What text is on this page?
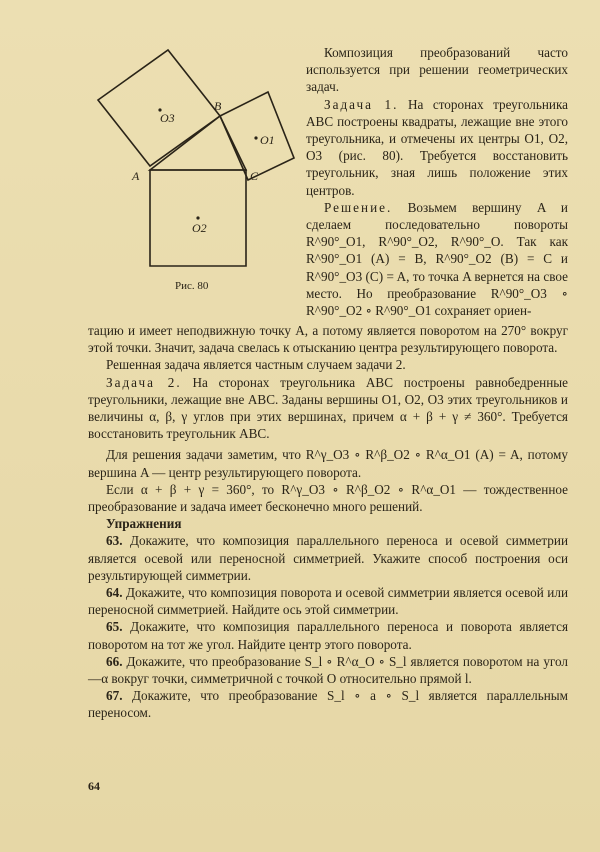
B
A	C
O1
O2
O3
Рис. 80

Композиция преобразований часто используется при решении геометрических задач.

Задача 1. На сторонах треугольника ABC построены квадраты, лежащие вне этого треугольника, и отмечены их центры O1, O2, O3 (рис. 80). Требуется восстановить треугольник, зная лишь положение этих центров.

Решение. Возьмем вершину A и сделаем последовательно повороты R^90°_O1, R^90°_O2, R^90°_O. Так как R^90°_O1 (A) = B, R^90°_O2 (B) = C и R^90°_O3 (C) = A, то точка A вернется на свое место. Но преобразование R^90°_O3 ∘ R^90°_O2 ∘ R^90°_O1 сохраняет ориен-

тацию и имеет неподвижную точку A, а потому является поворотом на 270° вокруг этой точки. Значит, задача свелась к отысканию центра результирующего поворота.

Решенная задача является частным случаем задачи 2.

Задача 2. На сторонах треугольника ABC построены равнобедренные треугольники, лежащие вне ABC. Заданы вершины O1, O2, O3 этих треугольников и величины α, β, γ углов при этих вершинах, причем α + β + γ ≠ 360°. Требуется восстановить треугольник ABC.

Для решения задачи заметим, что R^γ_O3 ∘ R^β_O2 ∘ R^α_O1 (A) = A, потому вершина A — центр результирующего поворота.

Если α + β + γ = 360°, то R^γ_O3 ∘ R^β_O2 ∘ R^α_O1 — тождественное преобразование и задача имеет бесконечно много решений.

Упражнения

63. Докажите, что композиция параллельного переноса и осевой симметрии является осевой или переносной симметрией. Укажите способ построения оси результирующей симметрии.

64. Докажите, что композиция поворота и осевой симметрии является осевой или переносной симметрией. Найдите ось этой симметрии.

65. Докажите, что композиция параллельного переноса и поворота является поворотом на тот же угол. Найдите центр этого поворота.

66. Докажите, что преобразование S_l ∘ R^α_O ∘ S_l является поворотом на угол —α вокруг точки, симметричной с точкой O относительно прямой l.

67. Докажите, что преобразование S_l ∘ a ∘ S_l является параллельным переносом.

64
